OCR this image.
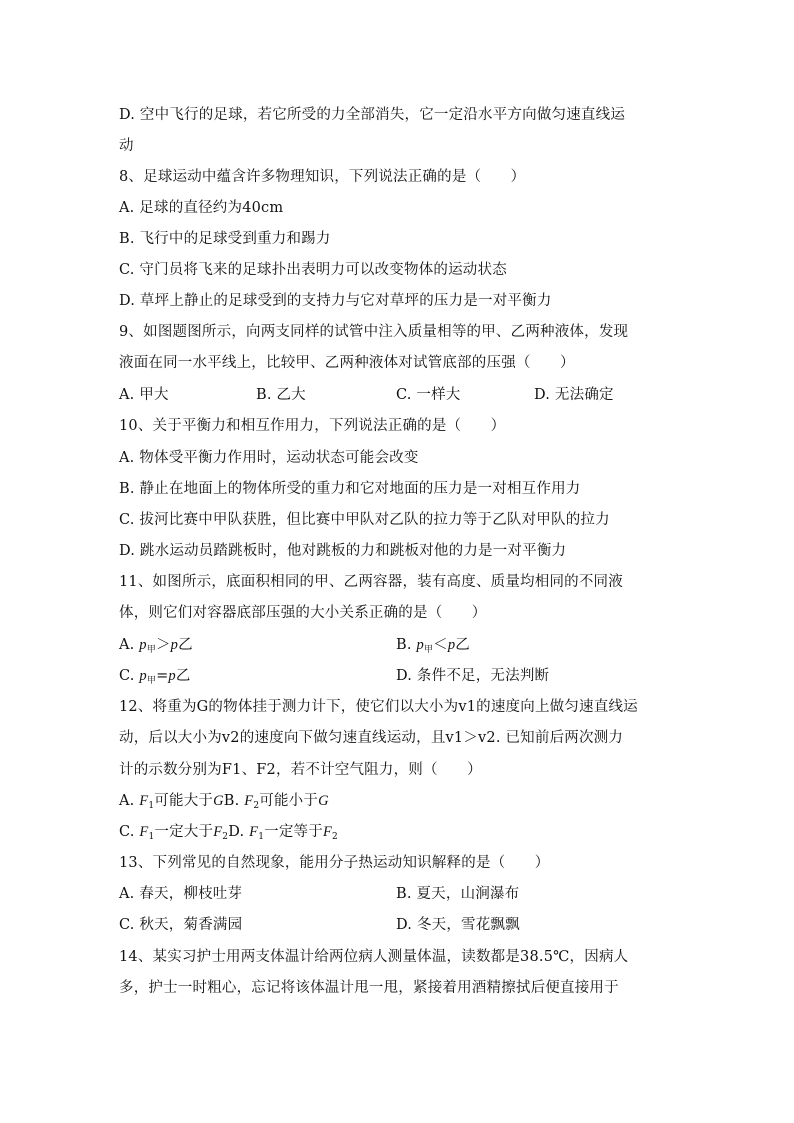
D. 空中飞行的足球，若它所受的力全部消失，它一定沿水平方向做匀速直线运
动
8、足球运动中蕴含许多物理知识，下列说法正确的是（　　）
A. 足球的直径约为40cm
B. 飞行中的足球受到重力和踢力
C. 守门员将飞来的足球扑出表明力可以改变物体的运动状态
D. 草坪上静止的足球受到的支持力与它对草坪的压力是一对平衡力
9、如图题图所示，向两支同样的试管中注入质量相等的甲、乙两种液体，发现
液面在同一水平线上，比较甲、乙两种液体对试管底部的压强（　　）
A. 甲大	B. 乙大	C. 一样大	D. 无法确定
10、关于平衡力和相互作用力，下列说法正确的是（　　）
A. 物体受平衡力作用时，运动状态可能会改变
B. 静止在地面上的物体所受的重力和它对地面的压力是一对相互作用力
C. 拔河比赛中甲队获胜，但比赛中甲队对乙队的拉力等于乙队对甲队的拉力
D. 跳水运动员踏跳板时，他对跳板的力和跳板对他的力是一对平衡力
11、如图所示，底面积相同的甲、乙两容器，装有高度、质量均相同的不同液
体，则它们对容器底部压强的大小关系正确的是（　　）
A. $p_甲>p$乙	B. $p_甲<p$乙
C. $p_甲=p$乙	D. 条件不足，无法判断
12、将重为G的物体挂于测力计下，使它们以大小为v1的速度向上做匀速直线运
动，后以大小为v2的速度向下做匀速直线运动，且v1＞v2. 已知前后两次测力
计的示数分别为F1、F2，若不计空气阻力，则（　　）
A. $F_1$可能大于GB. $F_2$可能小于G
C. $F_1$一定大于$F_2D$. $F_1$一定等于$F_2$
13、下列常见的自然现象，能用分子热运动知识解释的是（　　）
A. 春天，柳枝吐芽	B. 夏天，山涧瀑布
C. 秋天，菊香满园	D. 冬天，雪花飘飘
14、某实习护士用两支体温计给两位病人测量体温，读数都是38.5℃，因病人
多，护士一时粗心，忘记将该体温计甩一甩，紧接着用酒精擦拭后便直接用于
